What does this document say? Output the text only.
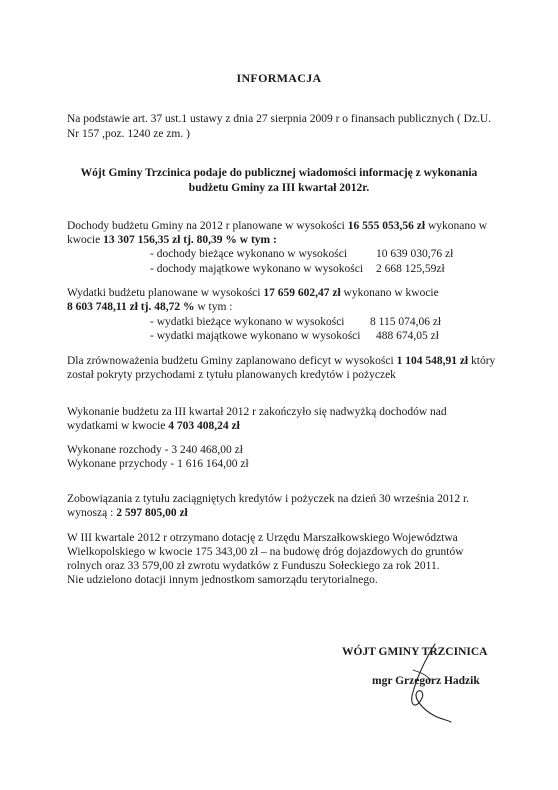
INFORMACJA
Na podstawie art. 37 ust.1 ustawy z dnia 27 sierpnia 2009 r o finansach publicznych ( Dz.U.
Nr 157 ,poz. 1240 ze zm. )
Wójt Gminy Trzcinica podaje do publicznej wiadomości informację z wykonania
budżetu Gminy za III kwartał 2012r.
Dochody budżetu Gminy na 2012 r planowane w wysokości 16 555 053,56 zł wykonano w
kwocie 13 307 156,35 zł tj. 80,39 % w tym :
- dochody bieżące wykonano w wysokości	10 639 030,76 zł
- dochody majątkowe wykonano w wysokości 2 668 125,59zł
Wydatki budżetu planowane w wysokości 17 659 602,47 zł wykonano w kwocie
8 603 748,11 zł tj. 48,72 % w tym :
- wydatki bieżące wykonano w wysokości 8 115 074,06 zł
- wydatki majątkowe wykonano w wysokości 488 674,05 zł
Dla zrównoważenia budżetu Gminy zaplanowano deficyt w wysokości 1 104 548,91 zł który
został pokryty przychodami z tytułu planowanych kredytów i pożyczek
Wykonanie budżetu za III kwartał 2012 r zakończyło się nadwyżką dochodów nad
wydatkami w kwocie 4 703 408,24 zł
Wykonane rozchody - 3 240 468,00 zł
Wykonane przychody - 1 616 164,00 zł
Zobowiązania z tytułu zaciągniętych kredytów i pożyczek na dzień 30 września 2012 r.
wynoszą : 2 597 805,00 zł
W III kwartale 2012 r otrzymano dotację z Urzędu Marszałkowskiego Województwa
Wielkopolskiego w kwocie 175 343,00 zł – na budowę dróg dojazdowych do gruntów
rolnych oraz 33 579,00 zł zwrotu wydatków z Funduszu Sołeckiego za rok 2011.
Nie udzielono dotacji innym jednostkom samorządu terytorialnego.
WÓJT GMINY TRZCINICA
mgr Grzegorz Hadzik
